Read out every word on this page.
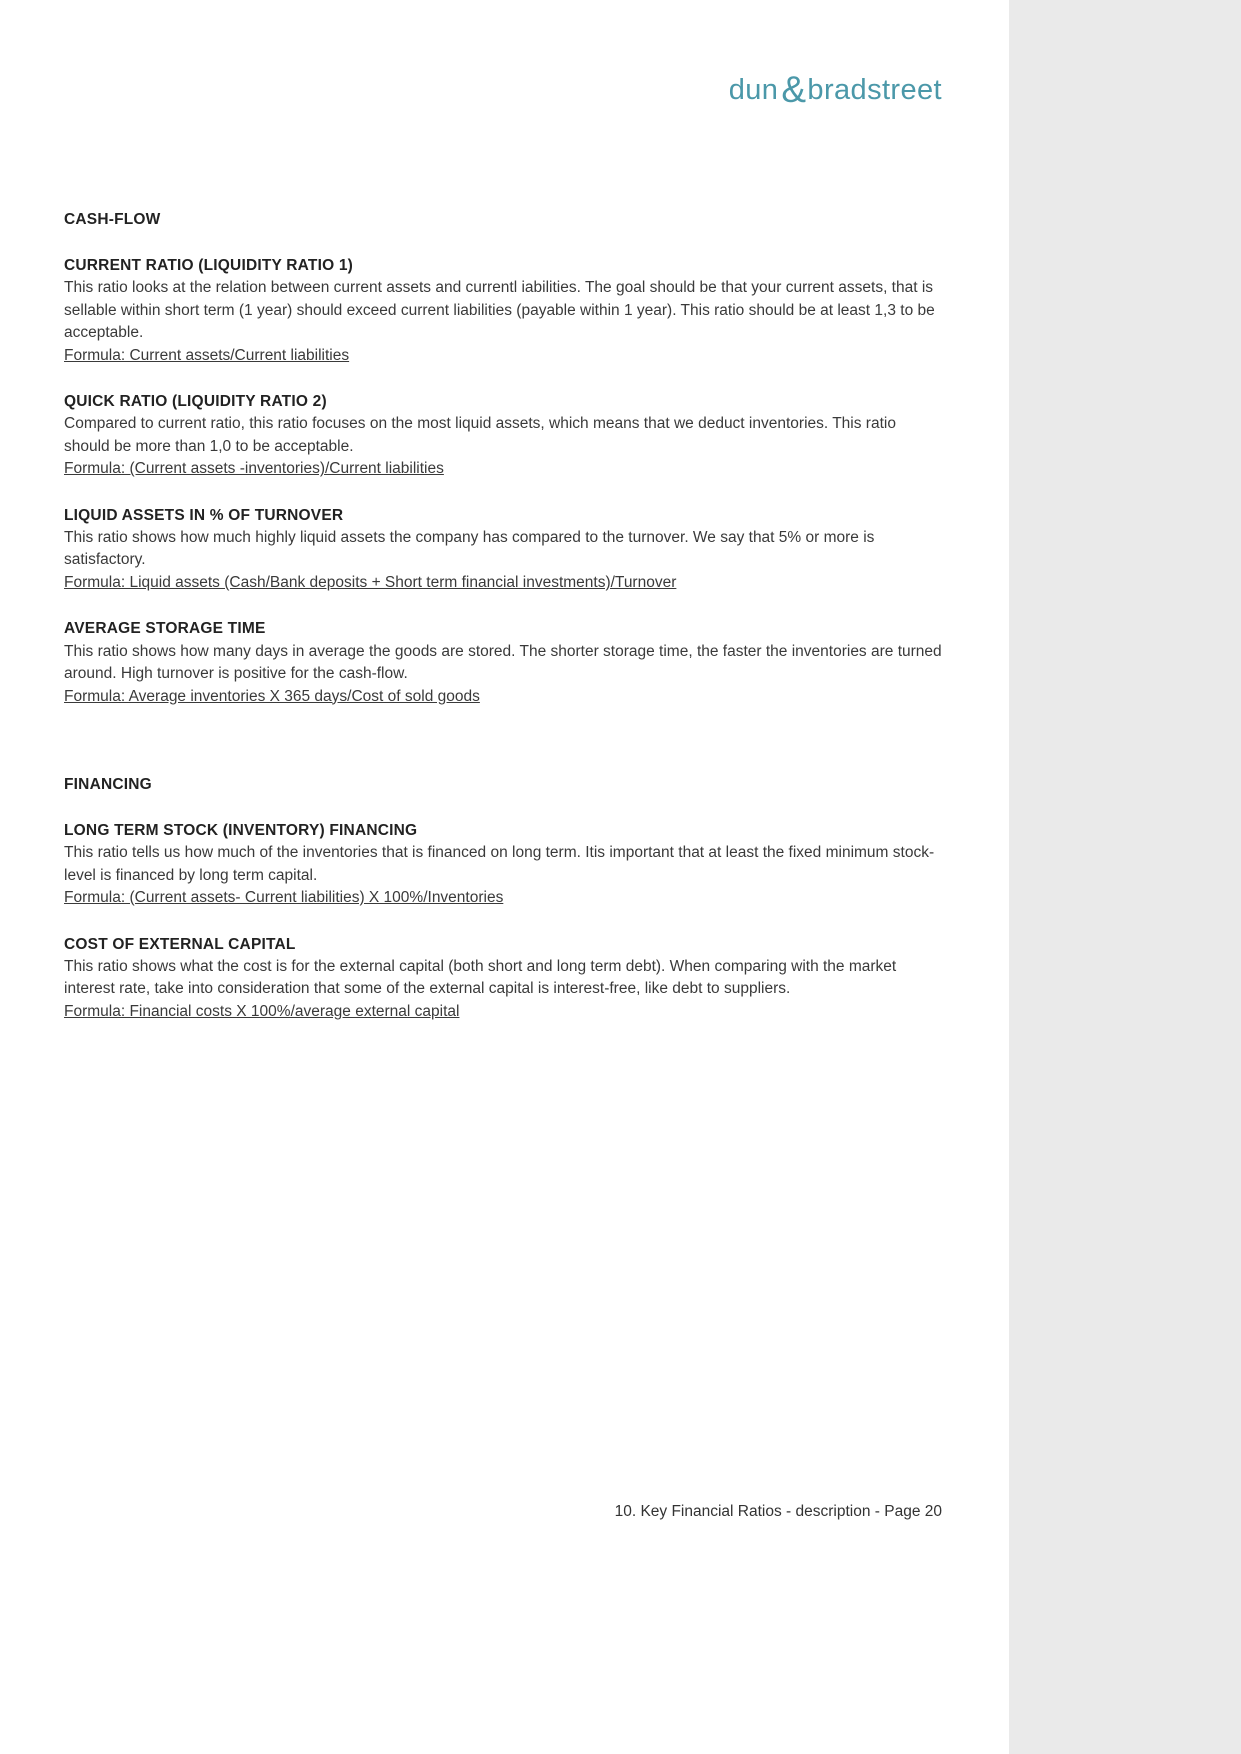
dun&bradstreet
CASH-FLOW
CURRENT RATIO (LIQUIDITY RATIO 1)

This ratio looks at the relation between current assets and currentl iabilities. The goal should be that your current assets, that is sellable within short term (1 year) should exceed current liabilities (payable within 1 year). This ratio should be at least 1,3 to be acceptable.

Formula: Current assets/Current liabilities

QUICK RATIO (LIQUIDITY RATIO 2)

Compared to current ratio, this ratio focuses on the most liquid assets, which means that we deduct inventories. This ratio should be more than 1,0 to be acceptable.

Formula: (Current assets -inventories)/Current liabilities

LIQUID ASSETS IN % OF TURNOVER

This ratio shows how much highly liquid assets the company has compared to the turnover. We say that 5% or more is satisfactory.

Formula: Liquid assets (Cash/Bank deposits + Short term financial investments)/Turnover

AVERAGE STORAGE TIME

This ratio shows how many days in average the goods are stored. The shorter storage time, the faster the inventories are turned around. High turnover is positive for the cash-flow.

Formula: Average inventories X 365 days/Cost of sold goods

FINANCING
LONG TERM STOCK (INVENTORY) FINANCING

This ratio tells us how much of the inventories that is financed on long term. Itis important that at least the fixed minimum stock-level is financed by long term capital.

Formula: (Current assets- Current liabilities) X 100%/Inventories

COST OF EXTERNAL CAPITAL

This ratio shows what the cost is for the external capital (both short and long term debt). When comparing with the market interest rate, take into consideration that some of the external capital is interest-free, like debt to suppliers.

Formula: Financial costs X 100%/average external capital

10. Key Financial Ratios - description - Page 20
